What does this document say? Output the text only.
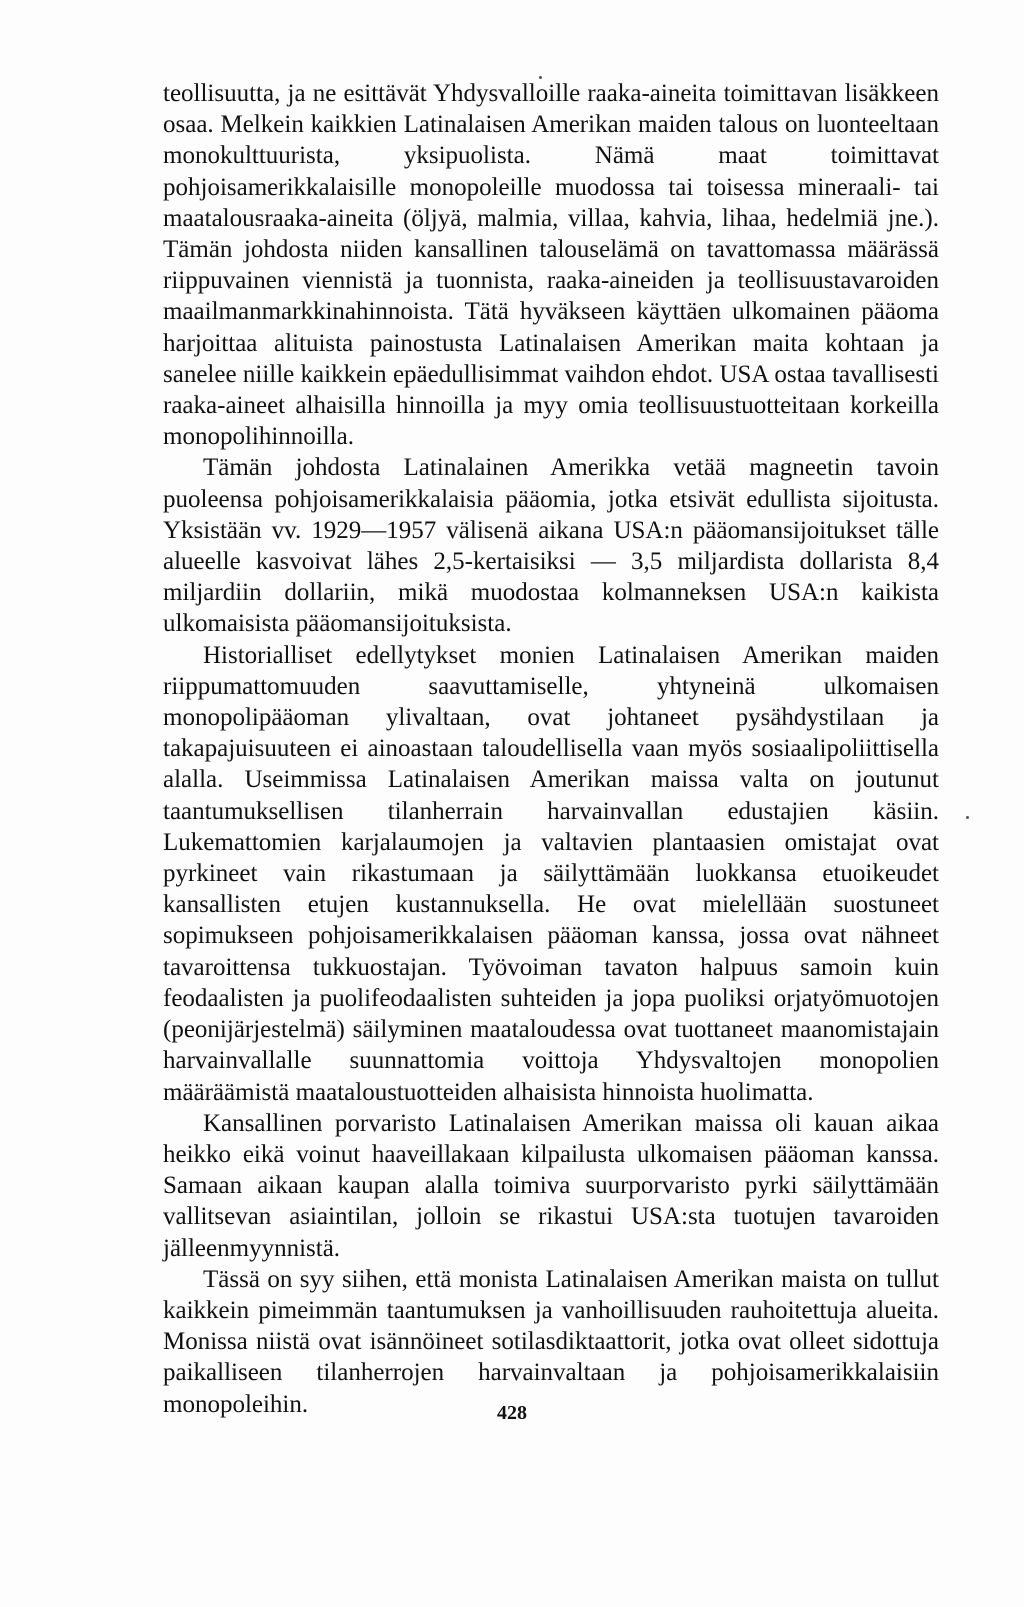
teollisuutta, ja ne esittävät Yhdysvalloille raaka-aineita toimittavan lisäkkeen osaa. Melkein kaikkien Latinalaisen Amerikan maiden talous on luonteeltaan monokulttuurista, yksipuolista. Nämä maat toimittavat pohjoisamerikkalaisille monopoleille muodossa tai toisessa mineraali- tai maatalousraaka-aineita (öljyä, malmia, villaa, kahvia, lihaa, hedelmiä jne.). Tämän johdosta niiden kansallinen talouselämä on tavattomassa määrässä riippuvainen viennistä ja tuonnista, raaka-aineiden ja teollisuustavaroiden maailmanmarkkinahinnoista. Tätä hyväkseen käyttäen ulkomainen pääoma harjoittaa alituista painostusta Latinalaisen Amerikan maita kohtaan ja sanelee niille kaikkein epäedullisimmat vaihdon ehdot. USA ostaa tavallisesti raaka-aineet alhaisilla hinnoilla ja myy omia teollisuustuotteitaan korkeilla monopolihinnoilla.

Tämän johdosta Latinalainen Amerikka vetää magneetin tavoin puoleensa pohjoisamerikkalaisia pääomia, jotka etsivät edullista sijoitusta. Yksistään vv. 1929—1957 välisenä aikana USA:n pääomansijoitukset tälle alueelle kasvoivat lähes 2,5-kertaisiksi — 3,5 miljardista dollarista 8,4 miljardiin dollariin, mikä muodostaa kolmanneksen USA:n kaikista ulkomaisista pääomansijoituksista.

Historialliset edellytykset monien Latinalaisen Amerikan maiden riippumattomuuden saavuttamiselle, yhtyneinä ulkomaisen monopolipääoman ylivaltaan, ovat johtaneet pysähdystilaan ja takapajuisuuteen ei ainoastaan taloudellisella vaan myös sosiaalipoliittisella alalla. Useimmissa Latinalaisen Amerikan maissa valta on joutunut taantumuksellisen tilanherrain harvainvallan edustajien käsiin. Lukemattomien karjalaumojen ja valtavien plantaasien omistajat ovat pyrkineet vain rikastumaan ja säilyttämään luokkansa etuoikeudet kansallisten etujen kustannuksella. He ovat mielellään suostuneet sopimukseen pohjoisamerikkalaisen pääoman kanssa, jossa ovat nähneet tavaroittensa tukkuostajan. Työvoiman tavaton halpuus samoin kuin feodaalisten ja puolifeodaalisten suhteiden ja jopa puoliksi orjatyömuotojen (peonijärjestelmä) säilyminen maataloudessa ovat tuottaneet maanomistajain harvainvallalle suunnattomia voittoja Yhdysvaltojen monopolien määräämistä maataloustuotteiden alhaisista hinnoista huolimatta.

Kansallinen porvaristo Latinalaisen Amerikan maissa oli kauan aikaa heikko eikä voinut haaveillakaan kilpailusta ulkomaisen pääoman kanssa. Samaan aikaan kaupan alalla toimiva suurporvaristo pyrki säilyttämään vallitsevan asiaintilan, jolloin se rikastui USA:sta tuotujen tavaroiden jälleenmyynnistä.

Tässä on syy siihen, että monista Latinalaisen Amerikan maista on tullut kaikkein pimeimmän taantumuksen ja vanhoillisuuden rauhoitettuja alueita. Monissa niistä ovat isännöineet sotilasdiktaattorit, jotka ovat olleet sidottuja paikalliseen tilanherrojen harvainvaltaan ja pohjoisamerikkalaisiin monopoleihin.	428
